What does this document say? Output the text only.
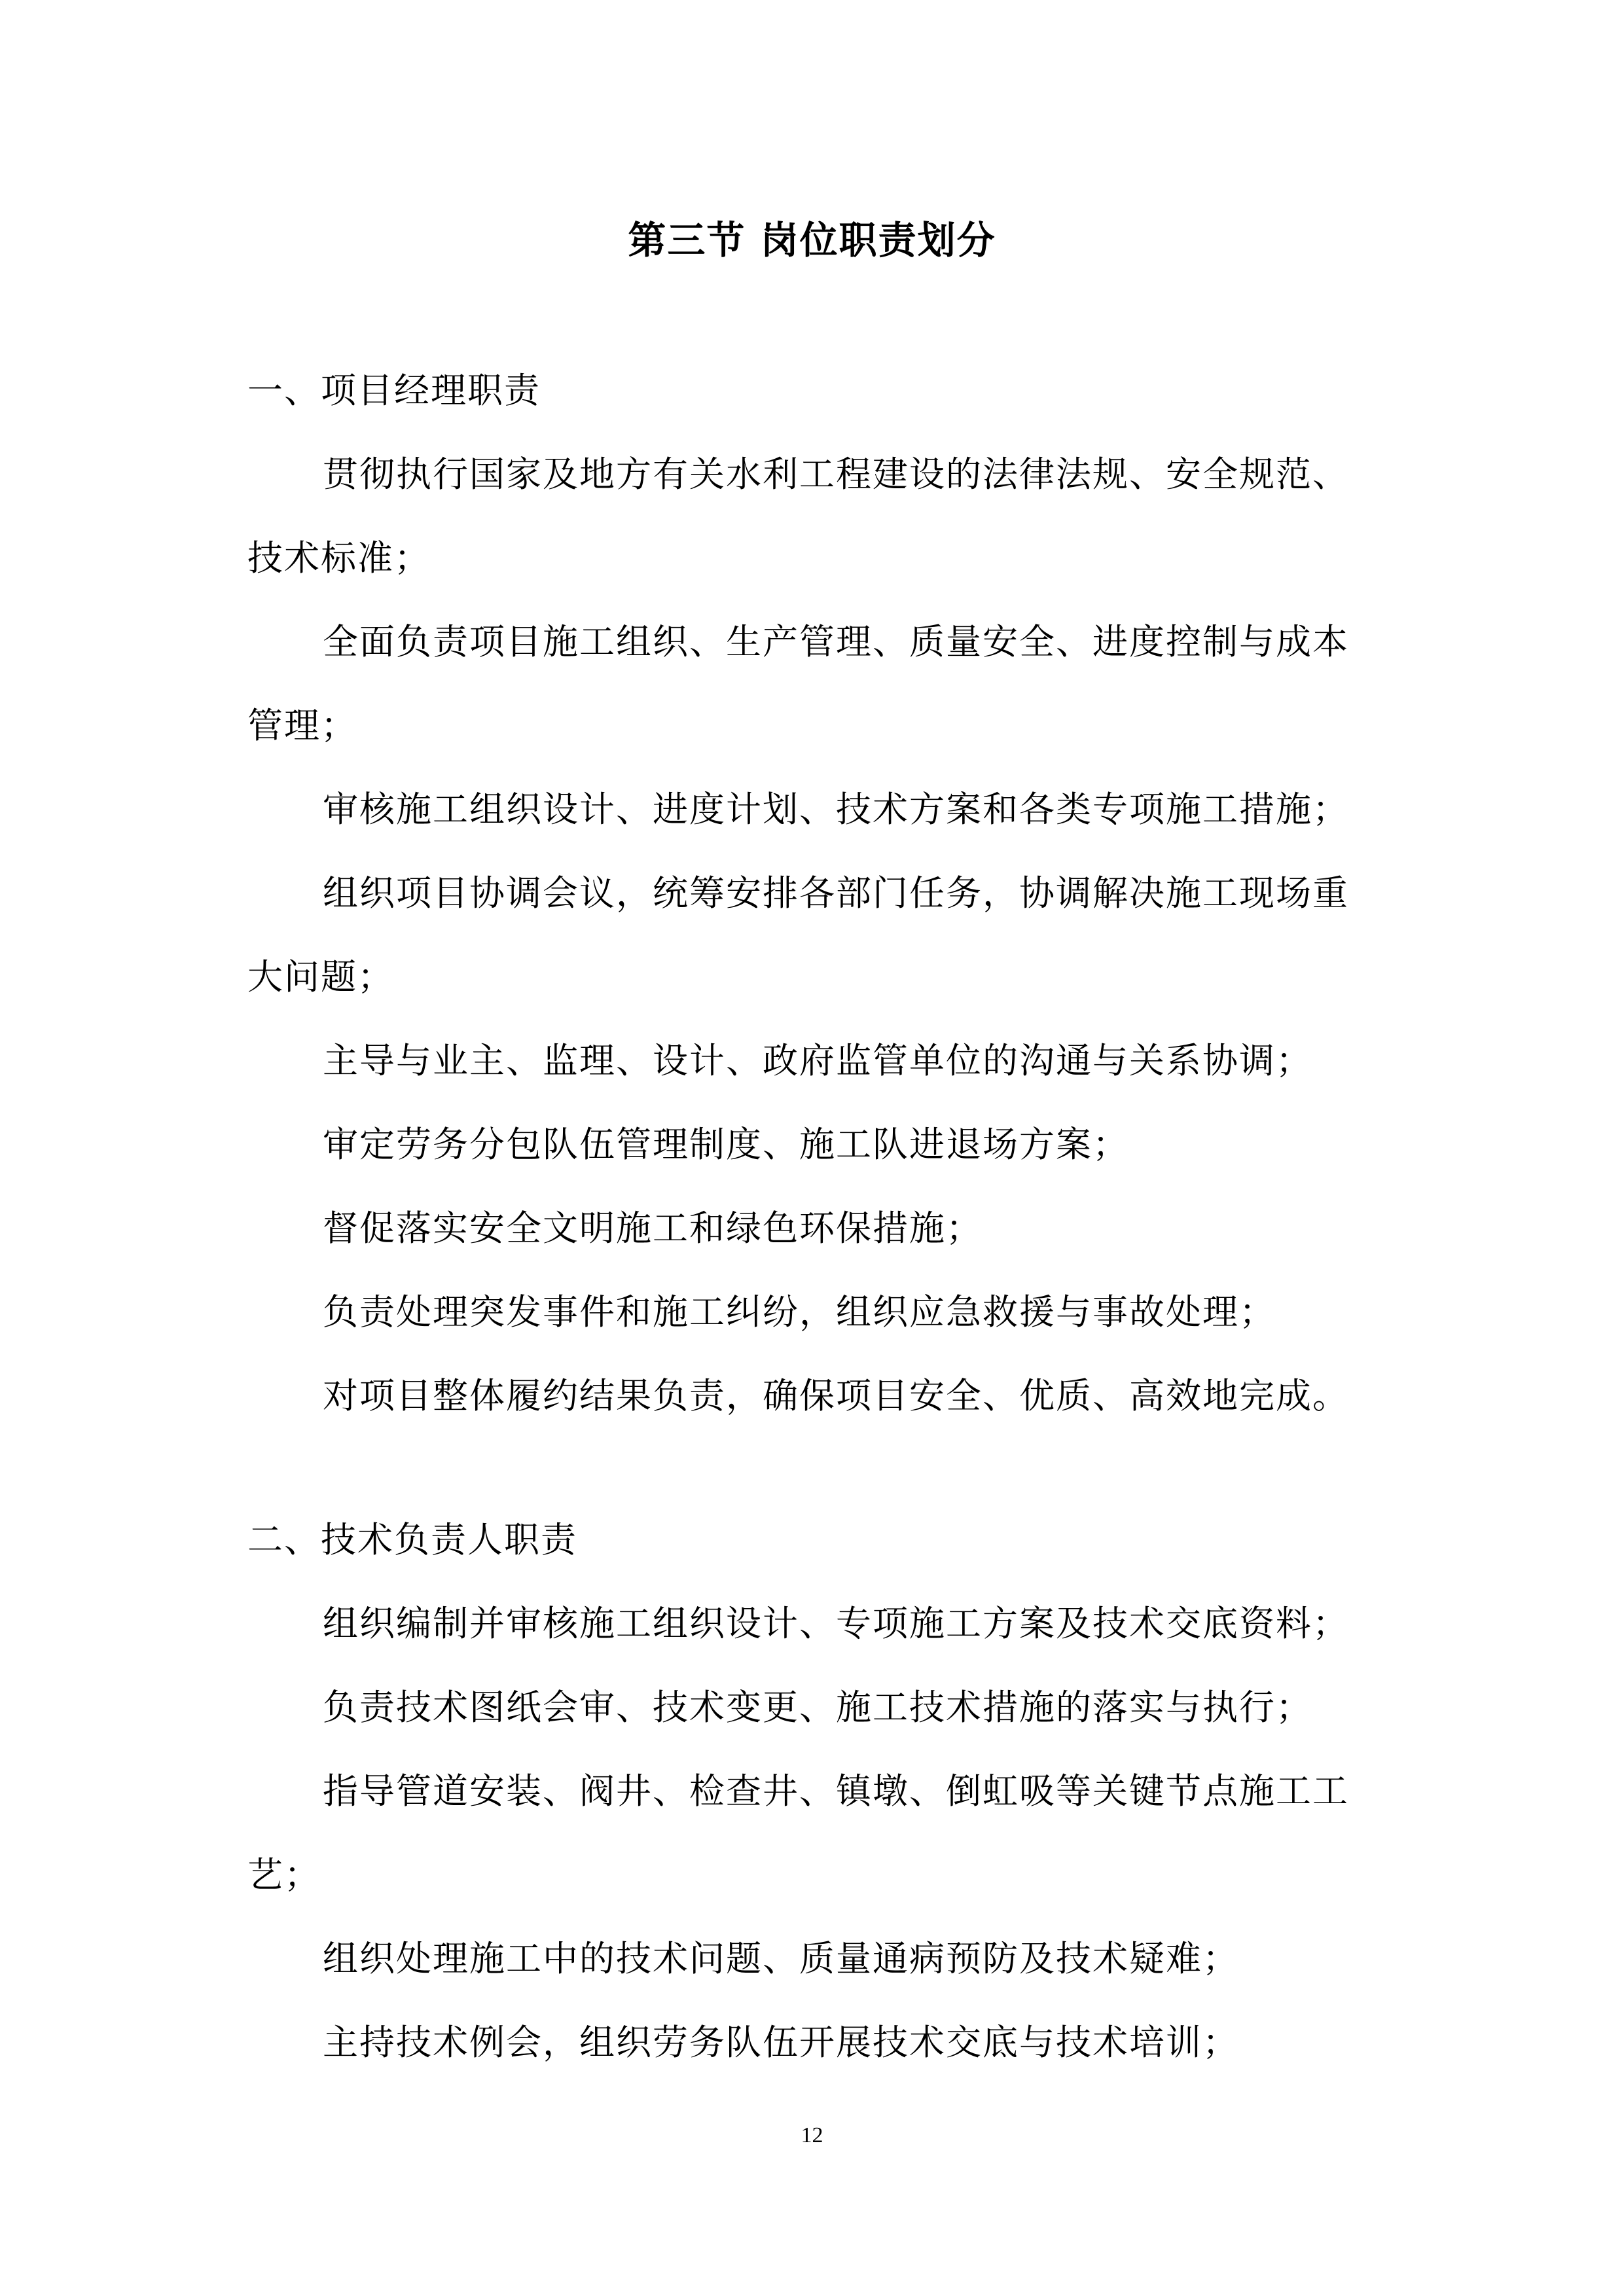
第三节 岗位职责划分
一、项目经理职责
贯彻执行国家及地方有关水利工程建设的法律法规、安全规范、
技术标准；
全面负责项目施工组织、生产管理、质量安全、进度控制与成本
管理；
审核施工组织设计、进度计划、技术方案和各类专项施工措施；
组织项目协调会议，统筹安排各部门任务，协调解决施工现场重
大问题；
主导与业主、监理、设计、政府监管单位的沟通与关系协调；
审定劳务分包队伍管理制度、施工队进退场方案；
督促落实安全文明施工和绿色环保措施；
负责处理突发事件和施工纠纷，组织应急救援与事故处理；
对项目整体履约结果负责，确保项目安全、优质、高效地完成。
二、技术负责人职责
组织编制并审核施工组织设计、专项施工方案及技术交底资料；
负责技术图纸会审、技术变更、施工技术措施的落实与执行；
指导管道安装、阀井、检查井、镇墩、倒虹吸等关键节点施工工
艺；
组织处理施工中的技术问题、质量通病预防及技术疑难；
主持技术例会，组织劳务队伍开展技术交底与技术培训；
12
